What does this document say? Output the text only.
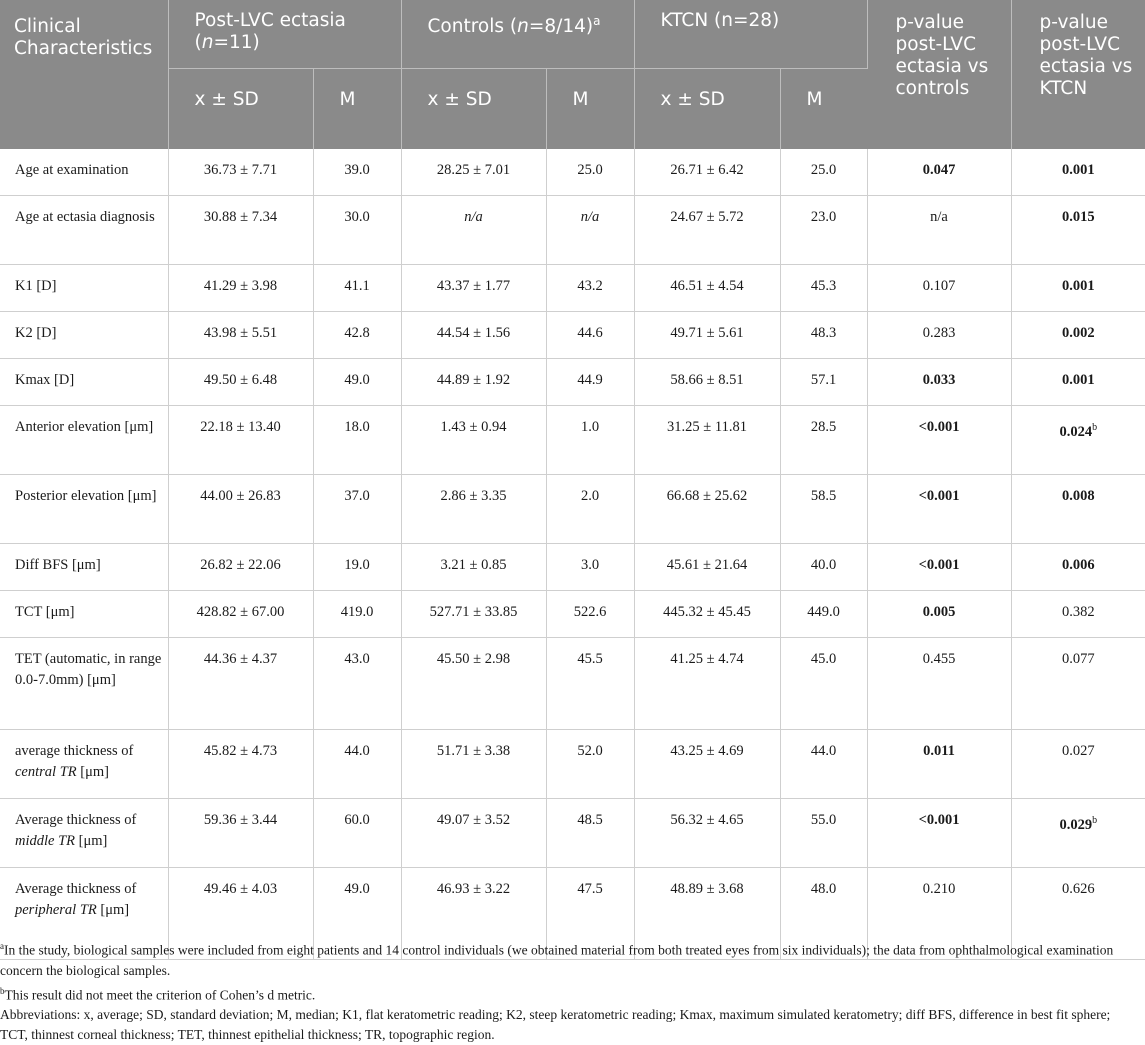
Clinical Characteristics	Post-LVC ectasia (n=11)		Controls (n=8/14)$^a$		KTCN (n=28)		p-value post-LVC ectasia vs controls	p-value post-LVC ectasia vs KTCN
	x ± SD	M	x ± SD	M	x ± SD	M		
Age at examination	36.73 ± 7.71	39.0	28.25 ± 7.01	25.0	26.71 ± 6.42	25.0	0.047	0.001
Age at ectasia diagnosis	30.88 ± 7.34	30.0	n/a	n/a	24.67 ± 5.72	23.0	n/a	0.015
K1 [D]	41.29 ± 3.98	41.1	43.37 ± 1.77	43.2	46.51 ± 4.54	45.3	0.107	0.001
K2 [D]	43.98 ± 5.51	42.8	44.54 ± 1.56	44.6	49.71 ± 5.61	48.3	0.283	0.002
Kmax [D]	49.50 ± 6.48	49.0	44.89 ± 1.92	44.9	58.66 ± 8.51	57.1	0.033	0.001
Anterior elevation [μm]	22.18 ± 13.40	18.0	1.43 ± 0.94	1.0	31.25 ± 11.81	28.5	<0.001	0.024$^b$
Posterior elevation [μm]	44.00 ± 26.83	37.0	2.86 ± 3.35	2.0	66.68 ± 25.62	58.5	<0.001	0.008
Diff BFS [μm]	26.82 ± 22.06	19.0	3.21 ± 0.85	3.0	45.61 ± 21.64	40.0	<0.001	0.006
TCT [μm]	428.82 ± 67.00	419.0	527.71 ± 33.85	522.6	445.32 ± 45.45	449.0	0.005	0.382
TET (automatic, in range 0.0-7.0mm) [μm]	44.36 ± 4.37	43.0	45.50 ± 2.98	45.5	41.25 ± 4.74	45.0	0.455	0.077
average thickness of central TR [μm]	45.82 ± 4.73	44.0	51.71 ± 3.38	52.0	43.25 ± 4.69	44.0	0.011	0.027
Average thickness of middle TR [μm]	59.36 ± 3.44	60.0	49.07 ± 3.52	48.5	56.32 ± 4.65	55.0	<0.001	0.029$^b$
Average thickness of peripheral TR [μm]	49.46 ± 4.03	49.0	46.93 ± 3.22	47.5	48.89 ± 3.68	48.0	0.210	0.626

$^a$In the study, biological samples were included from eight patients and 14 control individuals (we obtained material from both treated eyes from six individuals); the data from ophthalmological examination concern the biological samples.

$^b$This result did not meet the criterion of Cohen’s d metric.

Abbreviations: x, average; SD, standard deviation; M, median; K1, flat keratometric reading; K2, steep keratometric reading; Kmax, maximum simulated keratometry; diff BFS, difference in best fit sphere; TCT, thinnest corneal thickness; TET, thinnest epithelial thickness; TR, topographic region.
